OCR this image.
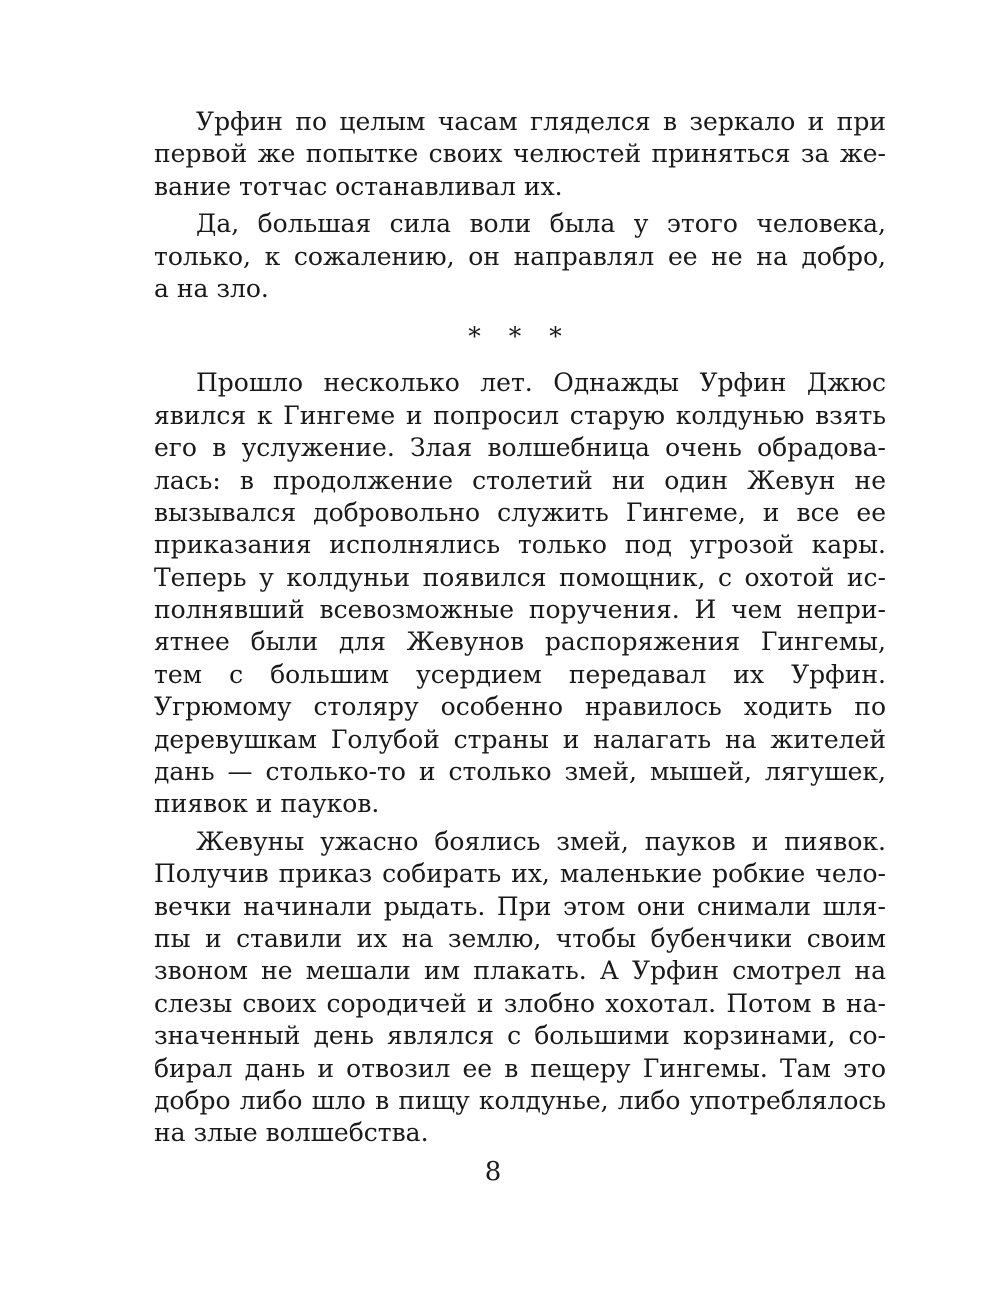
Урфин по целым часам гляделся в зеркало и при
первой же попытке своих челюстей приняться за же-
вание тотчас останавливал их.
Да, большая сила воли была у этого человека,
только, к сожалению, он направлял ее не на добро,
а на зло.
* * *
Прошло несколько лет. Однажды Урфин Джюс
явился к Гингеме и попросил старую колдунью взять
его в услужение. Злая волшебница очень обрадова-
лась: в продолжение столетий ни один Жевун не
вызывался добровольно служить Гингеме, и все ее
приказания исполнялись только под угрозой кары.
Теперь у колдуньи появился помощник, с охотой ис-
полнявший всевозможные поручения. И чем непри-
ятнее были для Жевунов распоряжения Гингемы,
тем с большим усердием передавал их Урфин.
Угрюмому столяру особенно нравилось ходить по
деревушкам Голубой страны и налагать на жителей
дань — столько-то и столько змей, мышей, лягушек,
пиявок и пауков.
Жевуны ужасно боялись змей, пауков и пиявок.
Получив приказ собирать их, маленькие робкие чело-
вечки начинали рыдать. При этом они снимали шля-
пы и ставили их на землю, чтобы бубенчики своим
звоном не мешали им плакать. А Урфин смотрел на
слезы своих сородичей и злобно хохотал. Потом в на-
значенный день являлся с большими корзинами, со-
бирал дань и отвозил ее в пещеру Гингемы. Там это
добро либо шло в пищу колдунье, либо употреблялось
на злые волшебства.
8
